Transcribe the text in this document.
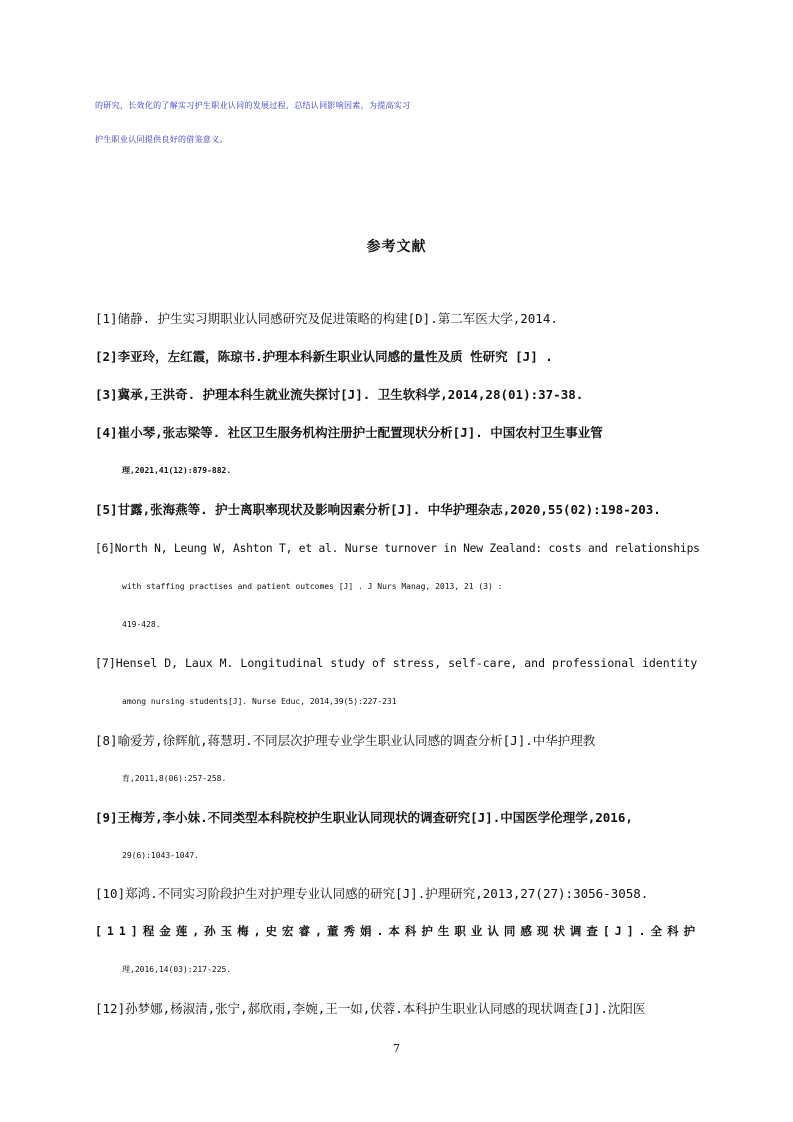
的研究，长效化的了解实习护生职业认同的发展过程，总结认同影响因素，为提高实习

护生职业认同提供良好的借鉴意义。

参考文献
[1]储静. 护生实习期职业认同感研究及促进策略的构建[D].第二军医大学,2014.
[2]李亚玲，左红霞，陈琼书.护理本科新生职业认同感的量性及质 性研究 [J] .
[3]冀承,王洪奇. 护理本科生就业流失探讨[J]. 卫生软科学,2014,28(01):37-38.
[4]崔小琴,张志梁等. 社区卫生服务机构注册护士配置现状分析[J]. 中国农村卫生事业管
理,2021,41(12):879-882.
[5]甘露,张海燕等. 护士离职率现状及影响因素分析[J]. 中华护理杂志,2020,55(02):198-203.
[6]North N, Leung W, Ashton T, et al. Nurse turnover in New Zealand: costs and relationships
with staffing practises and patient outcomes [J] . J Nurs Manag, 2013, 21 (3) :
419-428.
[7]Hensel D, Laux M. Longitudinal study of stress, self-care, and professional identity
among nursing students[J]. Nurse Educ, 2014,39(5):227-231
[8]喻爱芳,徐辉航,蒋慧玥.不同层次护理专业学生职业认同感的调查分析[J].中华护理教
育,2011,8(06):257-258.
[9]王梅芳,李小妹.不同类型本科院校护生职业认同现状的调查研究[J].中国医学伦理学,2016,
29(6):1043-1047.
[10]郑鸿.不同实习阶段护生对护理专业认同感的研究[J].护理研究,2013,27(27):3056-3058.
[11]程金莲,孙玉梅,史宏睿,董秀娟.本科护生职业认同感现状调查[J].全科护
理,2016,14(03):217-225.
[12]孙梦娜,杨淑清,张宁,郝欣雨,李婉,王一如,伏蓉.本科护生职业认同感的现状调查[J].沈阳医
7
